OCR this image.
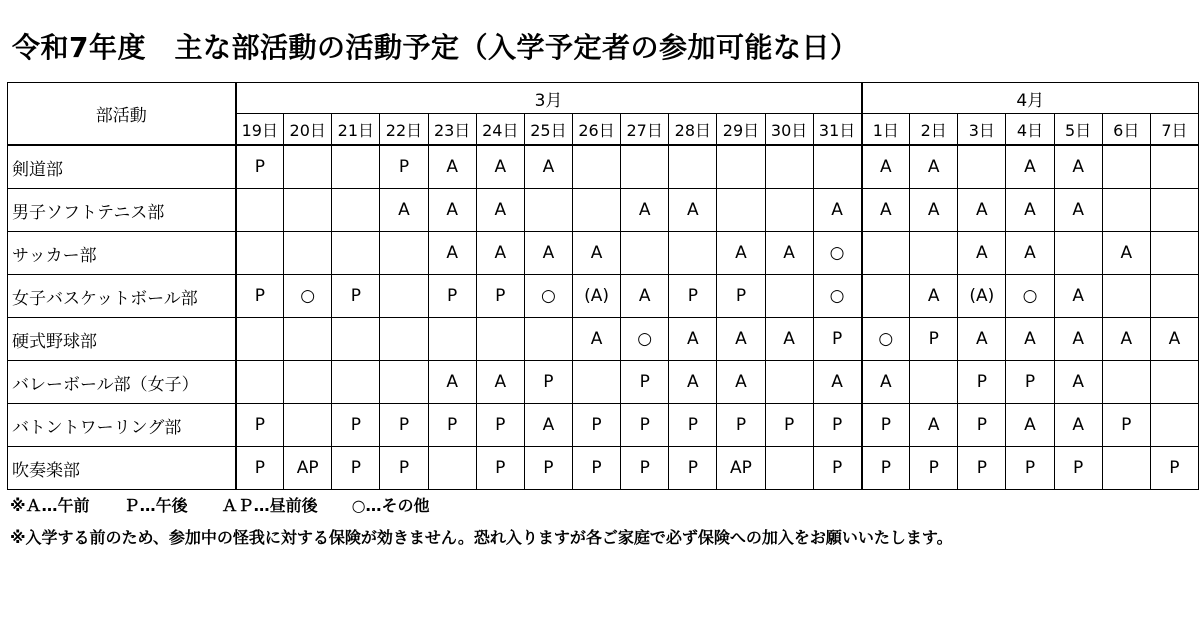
令和7年度　主な部活動の活動予定（入学予定者の参加可能な日）
部活動	3月													4月						
	19日	20日	21日	22日	23日	24日	25日	26日	27日	28日	29日	30日	31日	1日	2日	3日	4日	5日	6日	7日
剣道部	P			P	A	A	A							A	A		A	A		
男子ソフトテニス部				A	A	A			A	A			A	A	A	A	A	A		
サッカー部					A	A	A	A			A	A	○			A	A		A	
女子バスケットボール部	P	○	P		P	P	○	(A)	A	P	P		○		A	(A)	○	A		
硬式野球部								A	○	A	A	A	P	○	P	A	A	A	A	A
バレーボール部（女子）					A	A	P		P	A	A		A	A		P	P	A		
バトントワーリング部	P		P	P	P	P	A	P	P	P	P	P	P	P	A	P	A	A	P	
吹奏楽部	P	AP	P	P		P	P	P	P	P	AP		P	P	P	P	P	P		P
※Ａ…午前 Ｐ…午後 ＡＰ…昼前後 ○…その他
※入学する前のため、参加中の怪我に対する保険が効きません。恐れ入りますが各ご家庭で必ず保険への加入をお願いいたします。
